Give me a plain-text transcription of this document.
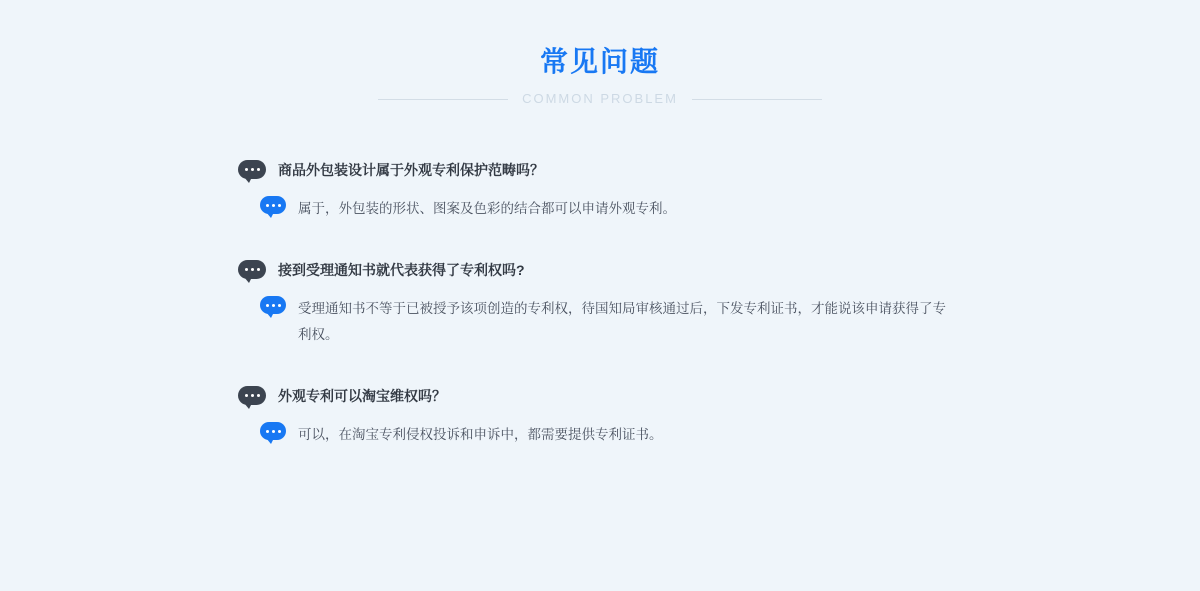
常见问题
COMMON PROBLEM
商品外包装设计属于外观专利保护范畴吗？
属于，外包装的形状、图案及色彩的结合都可以申请外观专利。
接到受理通知书就代表获得了专利权吗?
受理通知书不等于已被授予该项创造的专利权，待国知局审核通过后，下发专利证书，才能说该申请获得了专利权。
外观专利可以淘宝维权吗？
可以，在淘宝专利侵权投诉和申诉中，都需要提供专利证书。
